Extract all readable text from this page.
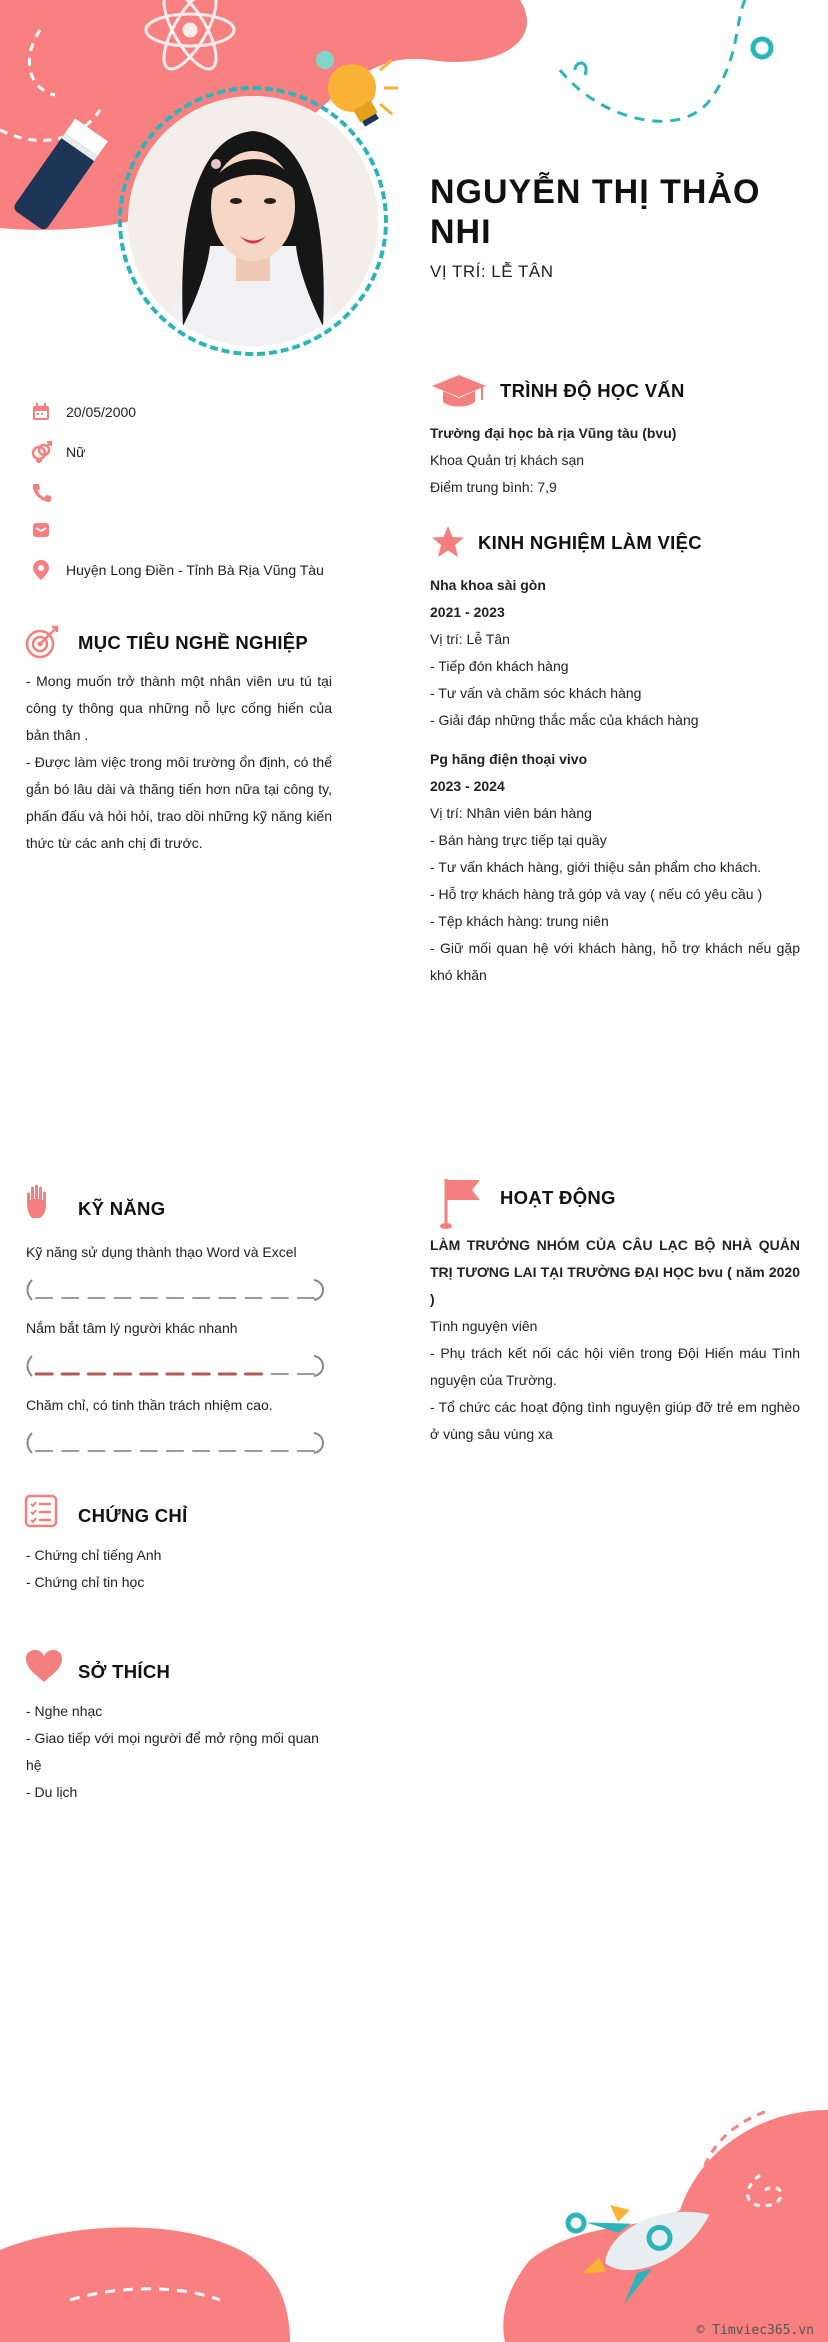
NGUYỄN THỊ THẢO NHI
VỊ TRÍ: LỄ TÂN
20/05/2000
Nữ
Huyện Long Điền - Tỉnh Bà Rịa Vũng Tàu
MỤC TIÊU NGHỀ NGHIỆP

- Mong muốn trở thành một nhân viên ưu tú tại công ty thông qua những nỗ lực cống hiến của bản thân .

- Được làm việc trong môi trường ổn định, có thể gắn bó lâu dài và thăng tiến hơn nữa tại công ty, phấn đấu và hỏi hỏi, trao dồi những kỹ năng kiến thức từ các anh chị đi trước.

TRÌNH ĐỘ HỌC VẤN

Trường đại học bà rịa Vũng tàu (bvu)

Khoa Quản trị khách sạn

Điểm trung bình: 7,9

KINH NGHIỆM LÀM VIỆC

Nha khoa sài gòn

2021 - 2023

Vị trí: Lễ Tân

- Tiếp đón khách hàng

- Tư vấn và chăm sóc khách hàng

- Giải đáp những thắc mắc của khách hàng

Pg hãng điện thoại vivo

2023 - 2024

Vị trí: Nhân viên bán hàng

- Bán hàng trực tiếp tại quầy

- Tư vấn khách hàng, giới thiệu sản phẩm cho khách.

- Hỗ trợ khách hàng trả góp và vay ( nếu có yêu cầu )

- Tệp khách hàng: trung niên

- Giữ mối quan hệ với khách hàng, hỗ trợ khách nếu gặp khó khăn

KỸ NĂNG
Kỹ năng sử dụng thành thạo Word và Excel
Nắm bắt tâm lý người khác nhanh
Chăm chỉ, có tinh thần trách nhiệm cao.
CHỨNG CHỈ

- Chứng chỉ tiếng Anh

- Chứng chỉ tin học

SỞ THÍCH

- Nghe nhạc

- Giao tiếp với mọi người để mở rộng mối quan hệ

- Du lịch

HOẠT ĐỘNG

LÀM TRƯỞNG NHÓM CỦA CÂU LẠC BỘ NHÀ QUẢN TRỊ TƯƠNG LAI TẠI TRƯỜNG ĐẠI HỌC bvu ( năm 2020 )

Tình nguyện viên

- Phụ trách kết nối các hội viên trong Đội Hiến máu Tình nguyện của Trường.

- Tổ chức các hoạt động tình nguyện giúp đỡ trẻ em nghèo ở vùng sâu vùng xa

© Timviec365.vn
